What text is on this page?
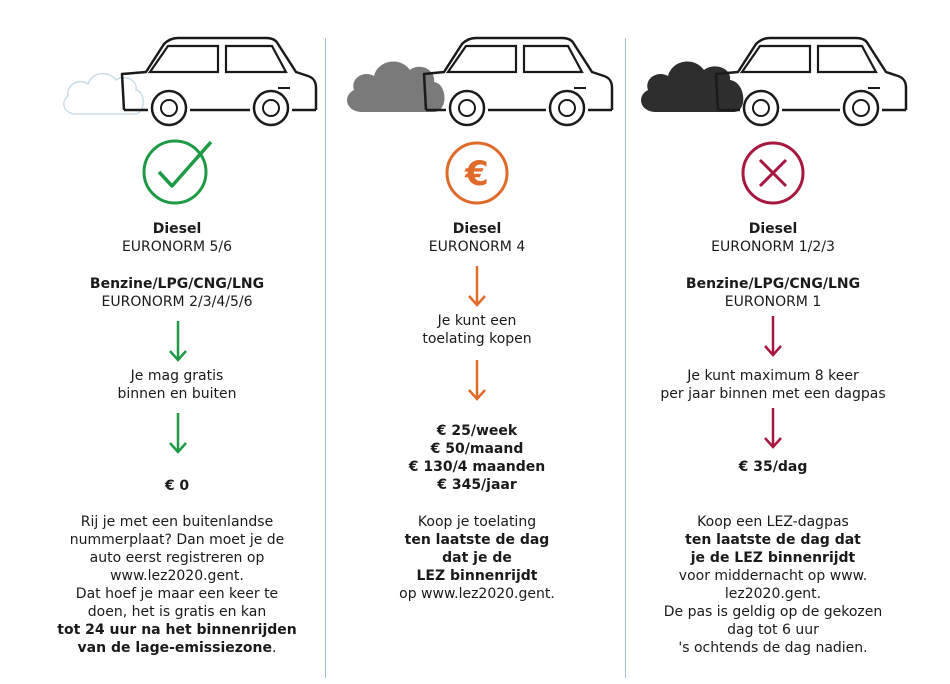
Diesel
EURONORM 5/6
Benzine/LPG/CNG/LNG
EURONORM 2/3/4/5/6
Je mag gratis
binnen en buiten
€ 0
Rij je met een buitenlandse
nummerplaat? Dan moet je de
auto eerst registreren op
www.lez2020.gent.
Dat hoef je maar een keer te
doen, het is gratis en kan
tot 24 uur na het binnenrijden
van de lage-emissiezone.
€
Diesel
EURONORM 4
Je kunt een
toelating kopen
€ 25/week
€ 50/maand
€ 130/4 maanden
€ 345/jaar
Koop je toelating
ten laatste de dag
dat je de
LEZ binnenrijdt
op www.lez2020.gent.
Diesel
EURONORM 1/2/3
Benzine/LPG/CNG/LNG
EURONORM 1
Je kunt maximum 8 keer
per jaar binnen met een dagpas
€ 35/dag
Koop een LEZ-dagpas
ten laatste de dag dat
je de LEZ binnenrijdt
voor middernacht op www.
lez2020.gent.
De pas is geldig op de gekozen
dag tot 6 uur
's ochtends de dag nadien.
